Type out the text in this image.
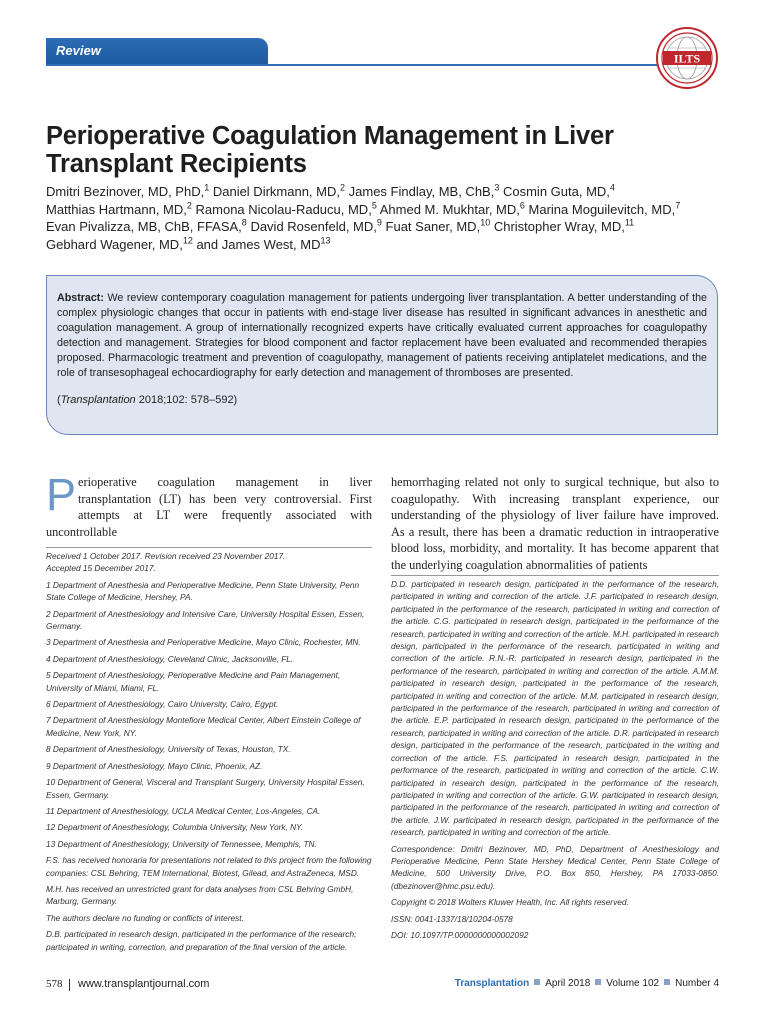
Review
ILTS
Perioperative Coagulation Management in Liver Transplant Recipients

Dmitri Bezinover, MD, PhD,$^1$ Daniel Dirkmann, MD,$^2$ James Findlay, MB, ChB,$^3$ Cosmin Guta, MD,$^4$
Matthias Hartmann, MD,$^2$ Ramona Nicolau-Raducu, MD,$^5$ Ahmed M. Mukhtar, MD,$^6$ Marina Moguilevitch, MD,$^7$
Evan Pivalizza, MB, ChB, FFASA,$^8$ David Rosenfeld, MD,$^9$ Fuat Saner, MD,$^{10}$ Christopher Wray, MD,$^{11}$
Gebhard Wagener, MD,$^{12}$ and James West, MD$^{13}$

Abstract: We review contemporary coagulation management for patients undergoing liver transplantation. A better understanding of the complex physiologic changes that occur in patients with end-stage liver disease has resulted in significant advances in anesthetic and coagulation management. A group of internationally recognized experts have critically evaluated current approaches for coagulopathy detection and management. Strategies for blood component and factor replacement have been evaluated and recommended therapies proposed. Pharmacologic treatment and prevention of coagulopathy, management of patients receiving antiplatelet medications, and the role of transesophageal echocardiography for early detection and management of thromboses are presented.

(Transplantation 2018;102: 578–592)

Perioperative coagulation management in liver transplantation (LT) has been very controversial. First attempts at LT were frequently associated with uncontrollable

hemorrhaging related not only to surgical technique, but also to coagulopathy. With increasing transplant experience, our understanding of the physiology of liver failure have improved. As a result, there has been a dramatic reduction in intraoperative blood loss, morbidity, and mortality. It has become apparent that the underlying coagulation abnormalities of patients

Received 1 October 2017. Revision received 23 November 2017.

Accepted 15 December 2017.

1 Department of Anesthesia and Perioperative Medicine, Penn State University, Penn State College of Medicine, Hershey, PA.

2 Department of Anesthesiology and Intensive Care, University Hospital Essen, Essen, Germany.

3 Department of Anesthesia and Perioperative Medicine, Mayo Clinic, Rochester, MN.

4 Department of Anesthesiology, Cleveland Clinic, Jacksonville, FL.

5 Department of Anesthesiology, Perioperative Medicine and Pain Management, University of Miami, Miami, FL.

6 Department of Anesthesiology, Cairo University, Cairo, Egypt.

7 Department of Anesthesiology Montefiore Medical Center, Albert Einstein College of Medicine, New York, NY.

8 Department of Anesthesiology, University of Texas, Houston, TX.

9 Department of Anesthesiology, Mayo Clinic, Phoenix, AZ.

10 Department of General, Visceral and Transplant Surgery, University Hospital Essen, Essen, Germany.

11 Department of Anesthesiology, UCLA Medical Center, Los-Angeles, CA.

12 Department of Anesthesiology, Columbia University, New York, NY.

13 Department of Anesthesiology, University of Tennessee, Memphis, TN.

F.S. has received honoraria for presentations not related to this project from the following companies: CSL Behring, TEM International, Biotest, Gilead, and AstraZeneca, MSD.

M.H. has received an unrestricted grant for data analyses from CSL Behring GmbH, Marburg, Germany.

The authors declare no funding or conflicts of interest.

D.B. participated in research design, participated in the performance of the research; participated in writing, correction, and preparation of the final version of the article.

D.D. participated in research design, participated in the performance of the research, participated in writing and correction of the article. J.F. participated in research design, participated in the performance of the research, participated in writing and correction of the article. C.G. participated in research design, participated in the performance of the research, participated in writing and correction of the article. M.H. participated in research design, participated in the performance of the research, participated in writing and correction of the article. R.N.-R. participated in research design, participated in the performance of the research, participated in writing and correction of the article. A.M.M. participated in research design, participated in the performance of the research, participated in writing and correction of the article. M.M. participated in research design, participated in the performance of the research, participated in writing and correction of the article. E.P. participated in research design, participated in the performance of the research, participated in writing and correction of the article. D.R. participated in research design, participated in the performance of the research, participated in the writing and correction of the article. F.S. participated in research design, participated in the performance of the research, participated in writing and correction of the article. C.W. participated in research design, participated in the performance of the research, participated in writing and correction of the article. G.W. participated in research design, participated in the performance of the research, participated in writing and correction of the article. J.W. participated in research design, participated in the performance of the research, participated in writing and correction of the article.

Correspondence: Dmitri Bezinover, MD, PhD, Department of Anesthesiology and Perioperative Medicine, Penn State Hershey Medical Center, Penn State College of Medicine, 500 University Drive, P.O. Box 850, Hershey, PA 17033-0850. (dbezinover@hmc.psu.edu).

Copyright © 2018 Wolters Kluwer Health, Inc. All rights reserved.

ISSN: 0041-1337/18/10204-0578

DOI: 10.1097/TP.0000000000002092

578 www.transplantjournal.com	Transplantation April 2018 Volume 102 Number 4
